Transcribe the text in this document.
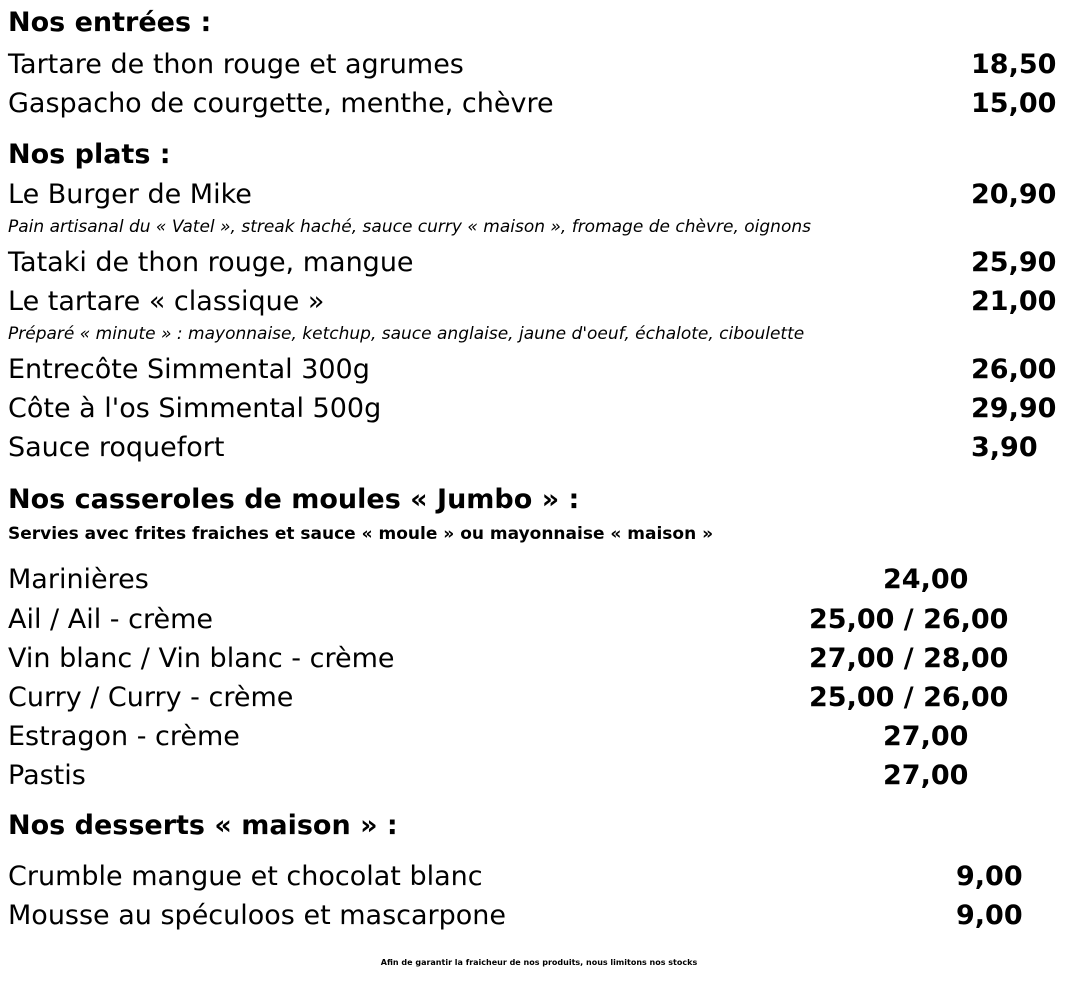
Nos entrées :
Tartare de thon rouge et agrumes	18,50
Gaspacho de courgette, menthe, chèvre	15,00
Nos plats :
Le Burger de Mike	20,90
Pain artisanal du « Vatel », streak haché, sauce curry « maison », fromage de chèvre, oignons
Tataki de thon rouge, mangue	25,90
Le tartare « classique »	21,00
Préparé « minute » : mayonnaise, ketchup, sauce anglaise, jaune d'oeuf, échalote, ciboulette
Entrecôte Simmental 300g	26,00
Côte à l'os Simmental 500g	29,90
Sauce roquefort	3,90
Nos casseroles de moules « Jumbo » :
Servies avec frites fraiches et sauce « moule » ou mayonnaise « maison »
Marinières	24,00
Ail / Ail - crème	25,00 / 26,00
Vin blanc / Vin blanc - crème	27,00 / 28,00
Curry / Curry - crème	25,00 / 26,00
Estragon - crème	27,00
Pastis	27,00
Nos desserts « maison » :
Crumble mangue et chocolat blanc	9,00
Mousse au spéculoos et mascarpone	9,00
Afin de garantir la fraicheur de nos produits, nous limitons nos stocks
